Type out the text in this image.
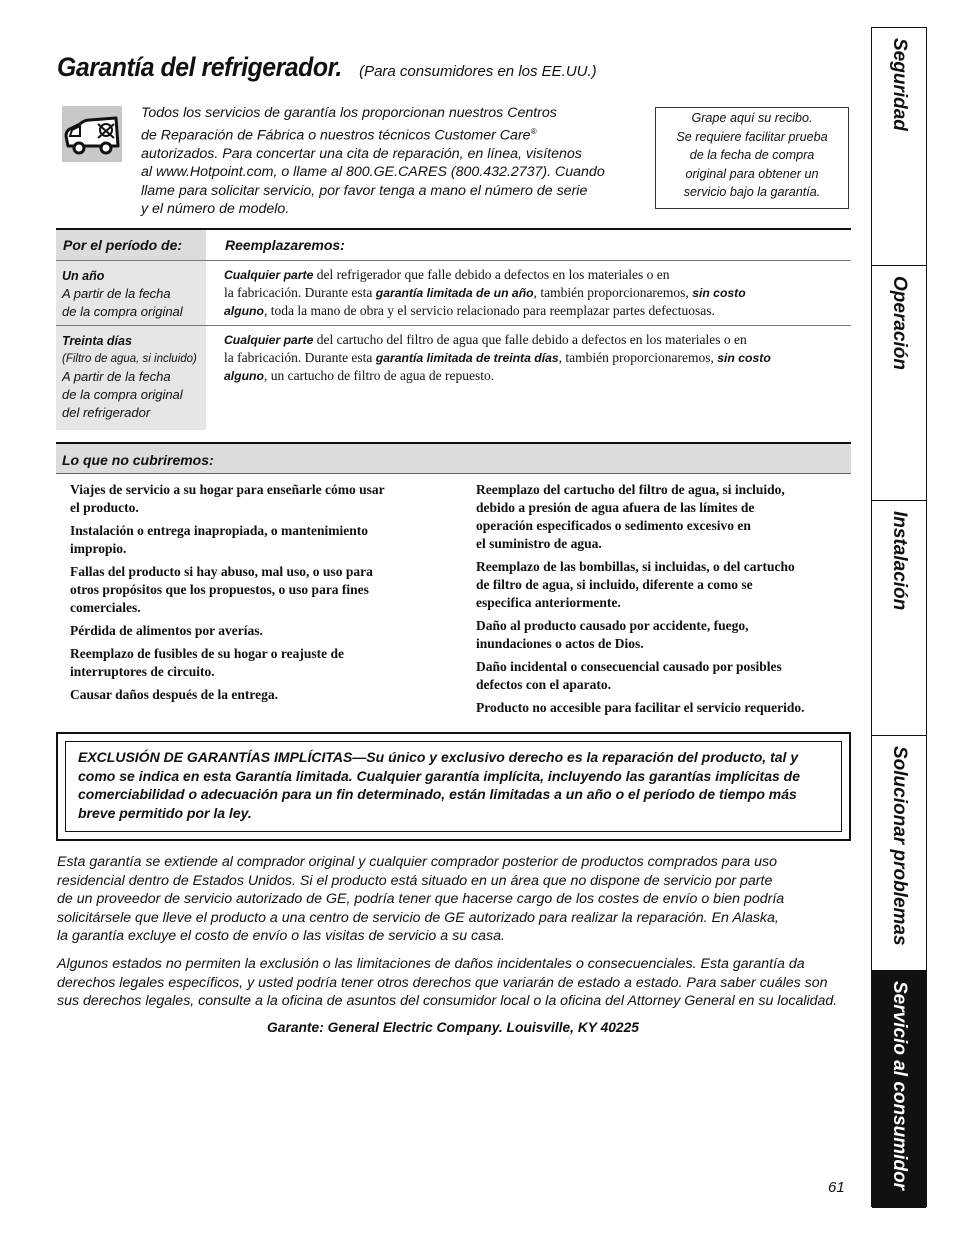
Garantía del refrigerador. (Para consumidores en los EE.UU.)
Todos los servicios de garantía los proporcionan nuestros Centros
de Reparación de Fábrica o nuestros técnicos Customer Care®
autorizados. Para concertar una cita de reparación, en línea, visítenos
al www.Hotpoint.com, o llame al 800.GE.CARES (800.432.2737). Cuando
llame para solicitar servicio, por favor tenga a mano el número de serie
y el número de modelo.
Grape aquí su recibo.
Se requiere facilitar prueba
de la fecha de compra
original para obtener un
servicio bajo la garantía.
Por el período de:	Reemplazaremos:
Un año
A partir de la fecha
de la compra original
Cualquier parte del refrigerador que falle debido a defectos en los materiales o en
la fabricación. Durante esta garantía limitada de un año, también proporcionaremos, sin costo
alguno, toda la mano de obra y el servicio relacionado para reemplazar partes defectuosas.
Treinta días
(Filtro de agua, si incluido)
A partir de la fecha
de la compra original
del refrigerador
Cualquier parte del cartucho del filtro de agua que falle debido a defectos en los materiales o en
la fabricación. Durante esta garantía limitada de treinta días, también proporcionaremos, sin costo
alguno, un cartucho de filtro de agua de repuesto.
Lo que no cubriremos:

Viajes de servicio a su hogar para enseñarle cómo usar
el producto.

Instalación o entrega inapropiada, o mantenimiento
impropio.

Fallas del producto si hay abuso, mal uso, o uso para
otros propósitos que los propuestos, o uso para fines
comerciales.

Pérdida de alimentos por averías.

Reemplazo de fusibles de su hogar o reajuste de
interruptores de circuito.

Causar daños después de la entrega.

Reemplazo del cartucho del filtro de agua, si incluido,
debido a presión de agua afuera de las límites de
operación especificados o sedimento excesivo en
el suministro de agua.

Reemplazo de las bombillas, si incluidas, o del cartucho
de filtro de agua, si incluido, diferente a como se
especifica anteriormente.

Daño al producto causado por accidente, fuego,
inundaciones o actos de Dios.

Daño incidental o consecuencial causado por posibles
defectos con el aparato.

Producto no accesible para facilitar el servicio requerido.

EXCLUSIÓN DE GARANTÍAS IMPLÍCITAS—Su único y exclusivo derecho es la reparación del producto, tal y
como se indica en esta Garantía limitada. Cualquier garantía implícita, incluyendo las garantías implícitas de
comerciabilidad o adecuación para un fin determinado, están limitadas a un año o el período de tiempo más
breve permitido por la ley.
Esta garantía se extiende al comprador original y cualquier comprador posterior de productos comprados para uso
residencial dentro de Estados Unidos. Si el producto está situado en un área que no dispone de servicio por parte
de un proveedor de servicio autorizado de GE, podría tener que hacerse cargo de los costes de envío o bien podría
solicitársele que lleve el producto a una centro de servicio de GE autorizado para realizar la reparación. En Alaska,
la garantía excluye el costo de envío o las visitas de servicio a su casa.
Algunos estados no permiten la exclusión o las limitaciones de daños incidentales o consecuenciales. Esta garantía da
derechos legales específicos, y usted podría tener otros derechos que variarán de estado a estado. Para saber cuáles son
sus derechos legales, consulte a la oficina de asuntos del consumidor local o la oficina del Attorney General en su localidad.
Garante: General Electric Company. Louisville, KY 40225
61
Seguridad
Operación
Instalación
Solucionar problemas
Servicio al consumidor
